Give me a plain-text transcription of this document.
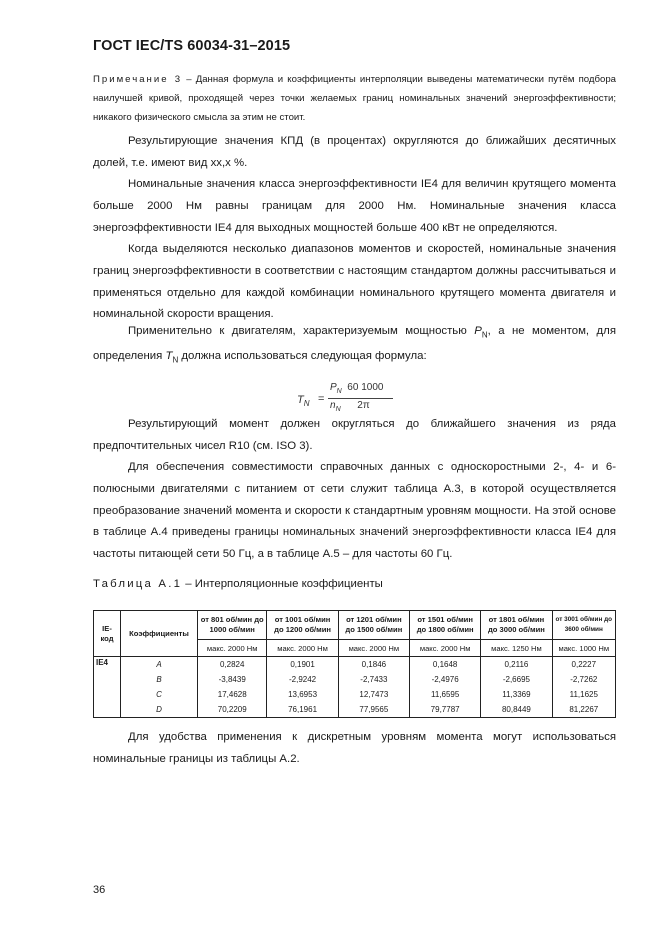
ГОСТ IEC/TS 60034-31–2015
Примечание 3 – Данная формула и коэффициенты интерполяции выведены математически путём подбора наилучшей кривой, проходящей через точки желаемых границ номинальных значений энергоэффективности; никакого физического смысла за этим не стоит.
Результирующие значения КПД (в процентах) округляются до ближайших десятичных долей, т.е. имеют вид xx,x %.
Номинальные значения класса энергоэффективности IE4 для величин крутящего момента больше 2000 Нм равны границам для 2000 Нм. Номинальные значения класса энергоэффективности IE4 для выходных мощностей больше 400 кВт не определяются.
Когда выделяются несколько диапазонов моментов и скоростей, номинальные значения границ энергоэффективности в соответствии с настоящим стандартом должны рассчитываться и применяться отдельно для каждой комбинации номинального крутящего момента двигателя и номинальной скорости вращения.
Применительно к двигателям, характеризуемым мощностью $P_N$, а не моментом, для определения $T_N$ должна использоваться следующая формула:
$T_N$ =
$P_N$ 60 1000
$n_N$ 2π
Результирующий момент должен округляться до ближайшего значения из ряда предпочтительных чисел R10 (см. ISO 3).
Для обеспечения совместимости справочных данных с односкоростными 2-, 4- и 6-полюсными двигателями с питанием от сети служит таблица А.3, в которой осуществляется преобразование значений момента и скорости к стандартным уровням мощности. На этой основе в таблице А.4 приведены границы номинальных значений энергоэффективности класса IE4 для частоты питающей сети 50 Гц, а в таблице А.5 – для частоты 60 Гц.
Таблица А.1 – Интерполяционные коэффициенты
IE-код	Коэффициенты	от 801 об/мин до 1000 об/мин	от 1001 об/мин до 1200 об/мин	от 1201 об/мин до 1500 об/мин	от 1501 об/мин до 1800 об/мин	от 1801 об/мин до 3000 об/мин	от 3001 об/мин до 3600 об/мин
		макс. 2000 Нм	макс. 2000 Нм	макс. 2000 Нм	макс. 2000 Нм	макс. 1250 Нм	макс. 1000 Нм
IE4	A	0,2824	0,1901	0,1846	0,1648	0,2116	0,2227
	B	-3,8439	-2,9242	-2,7433	-2,4976	-2,6695	-2,7262
	C	17,4628	13,6953	12,7473	11,6595	11,3369	11,1625
	D	70,2209	76,1961	77,9565	79,7787	80,8449	81,2267
Для удобства применения к дискретным уровням момента могут использоваться номинальные границы из таблицы А.2.
36
